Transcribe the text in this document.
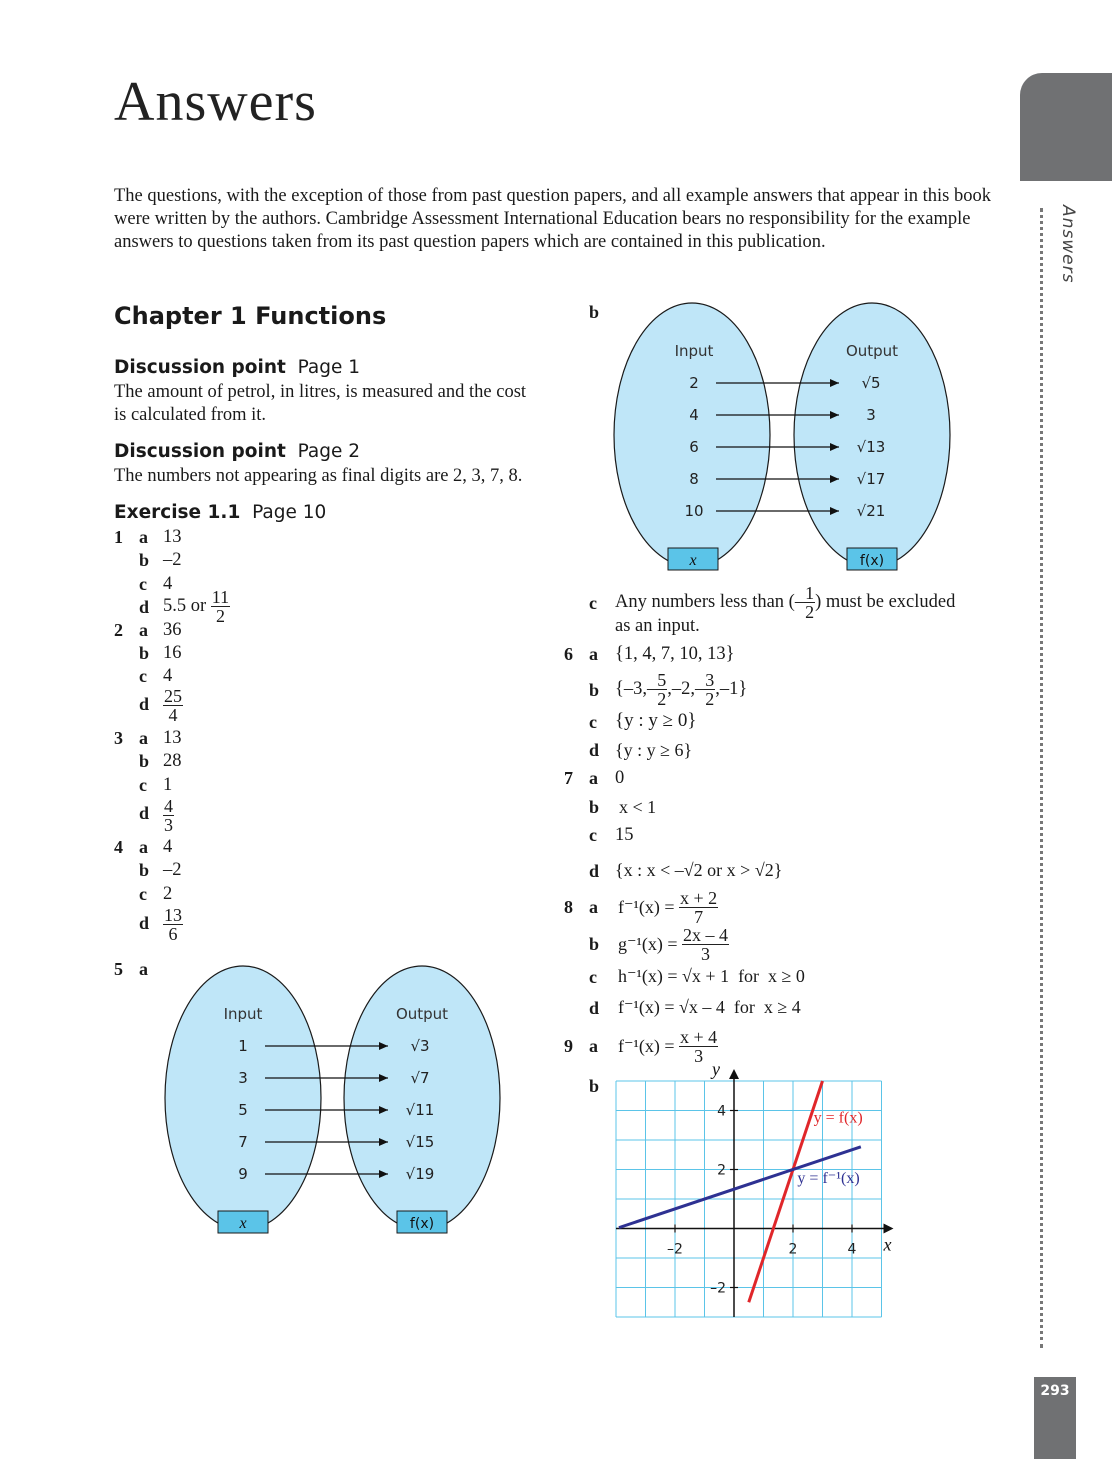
Answers
The questions, with the exception of those from past question papers, and all example answers that appear in this book were written by the authors. Cambridge Assessment International Education bears no responsibility for the example answers to questions taken from its past question papers which are contained in this publication.	Answers
293
Chapter 1 Functions
Discussion point Page 1
The amount of petrol, in litres, is measured and the cost is calculated from it.
Discussion point Page 2
The numbers not appearing as final digits are 2, 3, 7, 8.
Exercise 1.1 Page 10
1 a 13
b –2
c 4
d 5.5 or $\frac{11}{2}$
2 a 36
b 16
c 4
d $\frac{25}{4}$
3 a 13
b 28
c 1
d $\frac{4}{3}$
4 a 4
b –2
c 2
d $\frac{13}{6}$
5 a
Input	Output
1	√3
3	√7
5	√11
7	√15
9	√19
x	f(x)
b
Input	Output
2	√5
4	3
6	√13
8	√17
10	√21
x	f(x)
c Any numbers less than (– $\frac{1}{2}$ ) must be excluded
as an input.
6 a {1, 4, 7, 10, 13}
b $\{-3,- \frac{5}{2} ,-2,- \frac{3}{2} ,-1\}$
c {y : y ≥ 0}
d {y : y ≥ 6}
7 a 0
b x < 1
c 15
d {x : x < –√2 or x > √2}
8 a $f^{-1}(x) = \frac{x + 2}{7}$
b $g^{-1}(x) = \frac{2x - 4}{3}$
c h⁻¹(x) = √x + 1  for  x ≥ 0
d f⁻¹(x) = √x – 4  for  x ≥ 4
9 a $f^{-1}(x) = \frac{x + 4}{3}$
b
–2	2	4
4
2
–2
y = f(x)
y = f⁻¹(x)
y
x
